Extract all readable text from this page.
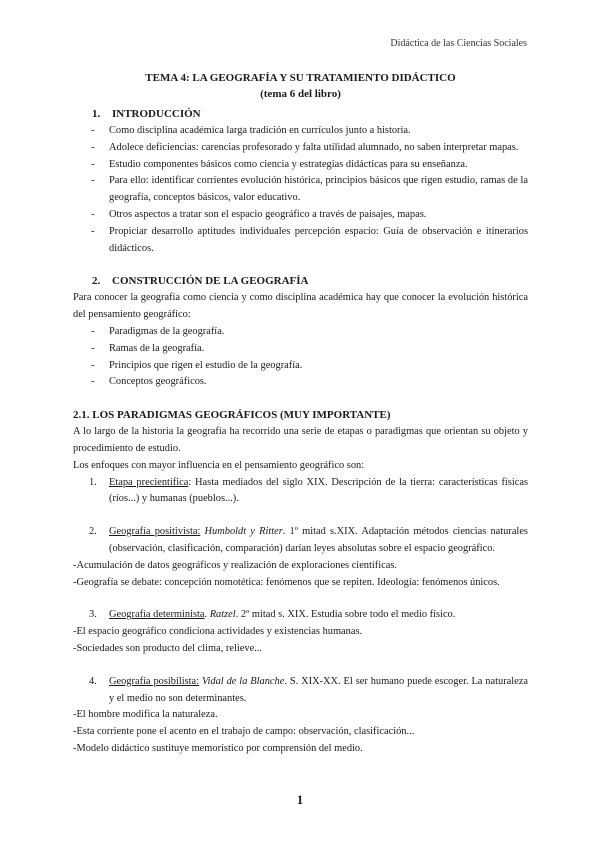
Didáctica de las Ciencias Sociales
TEMA 4: LA GEOGRAFÍA Y SU TRATAMIENTO DIDÁCTICO
(tema 6 del libro)
1. INTRODUCCIÓN
- Como disciplina académica larga tradición en currículos junto a historia.
- Adolece deficiencias: carencias profesorado y falta utilidad alumnado, no saben interpretar mapas.
- Estudio componentes básicos como ciencia y estrategias didácticas para su enseñanza.
- Para ello: identificar corrientes evolución histórica, principios básicos que rigen estudio, ramas de la geografía, conceptos básicos, valor educativo.
- Otros aspectos a tratar son el espacio geográfico a través de paisajes, mapas.
- Propiciar desarrollo aptitudes individuales percepción espacio: Guía de observación e itinerarios didácticos.
2. CONSTRUCCIÓN DE LA GEOGRAFÍA

Para conocer la geografía como ciencia y como disciplina académica hay que conocer la evolución histórica del pensamiento geográfico:

- Paradigmas de la geografía.
- Ramas de la geografía.
- Principios que rigen el estudio de la geografía.
- Conceptos geográficos.
2.1. LOS PARADIGMAS GEOGRÁFICOS (MUY IMPORTANTE)

A lo largo de la historia la geografía ha recorrido una serie de etapas o paradigmas que orientan su objeto y procedimiento de estudio.

Los enfoques con mayor influencia en el pensamiento geográfico son:

1. Etapa precientífica: Hasta mediados del siglo XIX. Descripción de la tierra: características físicas (ríos...) y humanas (pueblos...).
2. Geografía positivista: Humboldt y Ritter. 1º mitad s.XIX. Adaptación métodos ciencias naturales (observación, clasificación, comparación) darían leyes absolutas sobre el espacio geográfico.

-Acumulación de datos geográficos y realización de exploraciones científicas.

-Geografía se debate: concepción nomotética: fenómenos que se repiten. Ideología: fenómenos únicos.

3. Geografía determinista. Ratzel. 2º mitad s. XIX. Estudia sobre todo el medio físico.

-El espacio geográfico condiciona actividades y existencias humanas.

-Sociedades son producto del clima, relieve...

4. Geografía posibilista: Vidal de la Blanche. S. XIX-XX. El ser humano puede escoger. La naturaleza y el medio no son determinantes.

-El hombre modifica la naturaleza.

-Esta corriente pone el acento en el trabajo de campo: observación, clasificación...

-Modelo didáctico sustituye memorístico por comprensión del medio.

1
